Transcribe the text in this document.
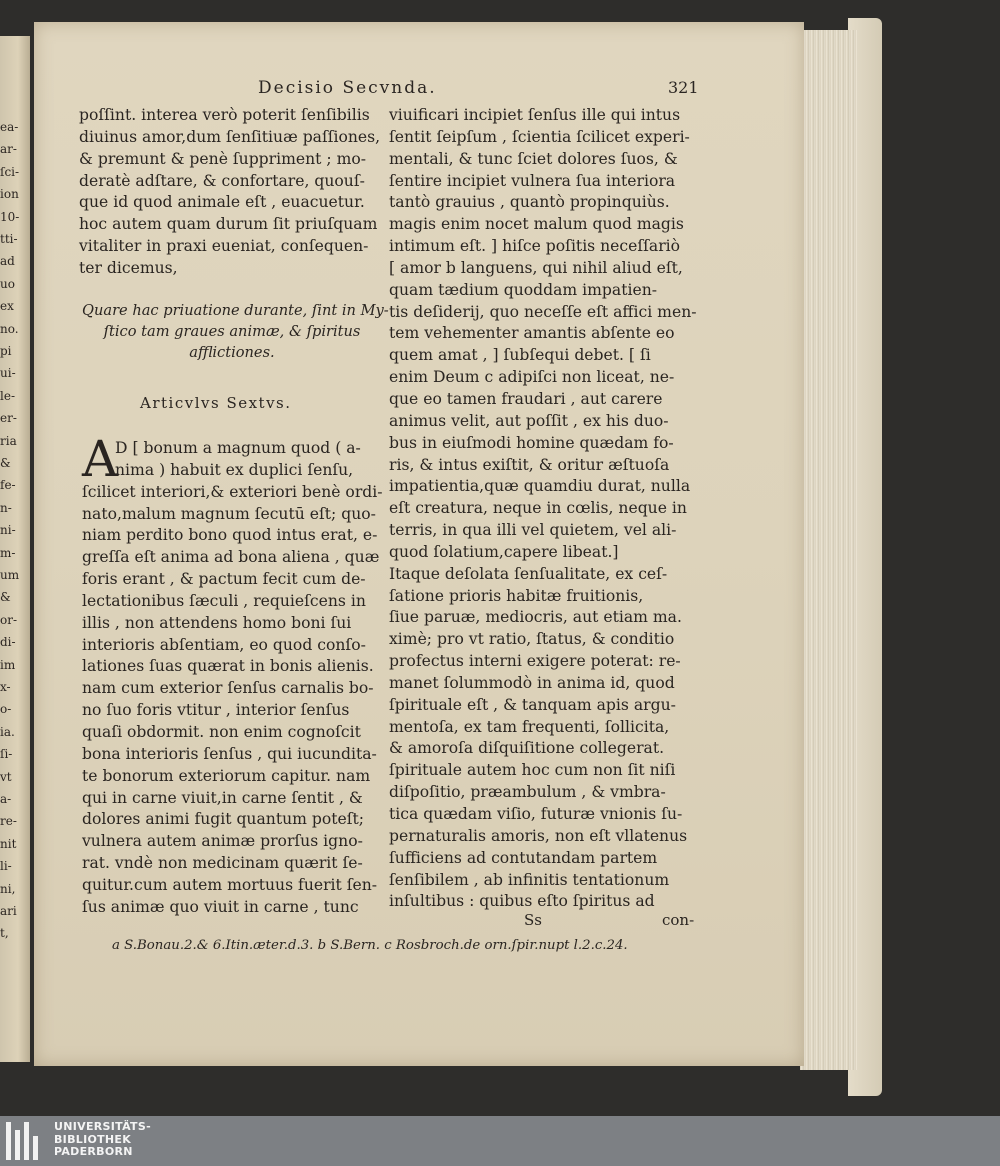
ea-
ar-
ſci-
ion
10-
tti-
ad
uo
ex
no.
pi
ui-
le-
er-
ria
&
fe-
n-
ni-
m-
um
&
or-
di-
im
x-
o-
ia.
ſi-
vt
a-
re-
nit
li-
ni,
ari
t,
Decisio Secvnda.	321
poſſint. interea verò poterit ſenſibilis
diuinus amor,dum ſenſitiuæ paſſiones,
& premunt & penè ſuppriment ; mo-
deratè adſtare, & confortare, quouſ-
que id quod animale eſt , euacuetur.
hoc autem quam durum ſit priuſquam
vitaliter in praxi eueniat, conſequen-
ter dicemus,
Quare hac priuatione durante, ſint in My-
ſtico tam graues animæ, & ſpiritus
afflictiones.
Articvlvs Sextvs.
A
D [ bonum a magnum quod ( a-
nima ) habuit ex duplici ſenſu,
ſcilicet interiori,& exteriori benè ordi-
nato,malum magnum ſecutū eſt; quo-
niam perdito bono quod intus erat, e-
greſſa eſt anima ad bona aliena , quæ
foris erant , & pactum fecit cum de-
lectationibus ſæculi , requieſcens in
illis , non attendens homo boni ſui
interioris abſentiam, eo quod conſo-
lationes ſuas quærat in bonis alienis.
nam cum exterior ſenſus carnalis bo-
no ſuo foris vtitur , interior ſenſus
quaſi obdormit. non enim cognoſcit
bona interioris ſenſus , qui iucundita-
te bonorum exteriorum capitur. nam
qui in carne viuit,in carne ſentit , &
dolores animi fugit quantum poteſt;
vulnera autem animæ prorſus igno-
rat. vndè non medicinam quærit ſe-
quitur.cum autem mortuus fuerit ſen-
ſus animæ quo viuit in carne , tunc
viuificari incipiet ſenſus ille qui intus
ſentit ſeipſum , ſcientia ſcilicet experi-
mentali, & tunc ſciet dolores ſuos, &
ſentire incipiet vulnera ſua interiora
tantò grauius , quantò propinquiùs.
magis enim nocet malum quod magis
intimum eſt. ] hiſce poſitis neceſſariò
[ amor b languens, qui nihil aliud eſt,
quam tædium quoddam impatien-
tis deſiderij, quo neceſſe eſt affici men-
tem vehementer amantis abſente eo
quem amat , ] ſubſequi debet. [ ſi
enim Deum c adipiſci non liceat, ne-
que eo tamen fraudari , aut carere
animus velit, aut poſſit , ex his duo-
bus in eiuſmodi homine quædam fo-
ris, & intus exiſtit, & oritur æſtuoſa
impatientia,quæ quamdiu durat, nulla
eſt creatura, neque in cœlis, neque in
terris, in qua illi vel quietem, vel ali-
quod ſolatium,capere libeat.]
Itaque deſolata ſenſualitate, ex ceſ-
ſatione prioris habitæ fruitionis,
ſiue paruæ, mediocris, aut etiam ma.
ximè; pro vt ratio, ſtatus, & conditio
profectus interni exigere poterat: re-
manet ſolummodò in anima id, quod
ſpirituale eſt , & tanquam apis argu-
mentoſa, ex tam frequenti, ſollicita,
& amoroſa diſquiſitione collegerat.
ſpirituale autem hoc cum non ſit niſi
diſpoſitio, præambulum , & vmbra-
tica quædam viſio, futuræ vnionis ſu-
pernaturalis amoris, non eſt vllatenus
ſufficiens ad contutandam partem
ſenſibilem , ab infinitis tentationum
inſultibus : quibus eſto ſpiritus ad
Ss	con-
a S.Bonau.2.& 6.Itin.æter.d.3. b S.Bern. c Rosbroch.de orn.ſpir.nupt l.2.c.24.
UNIVERSITÄTS-
BIBLIOTHEK
PADERBORN
